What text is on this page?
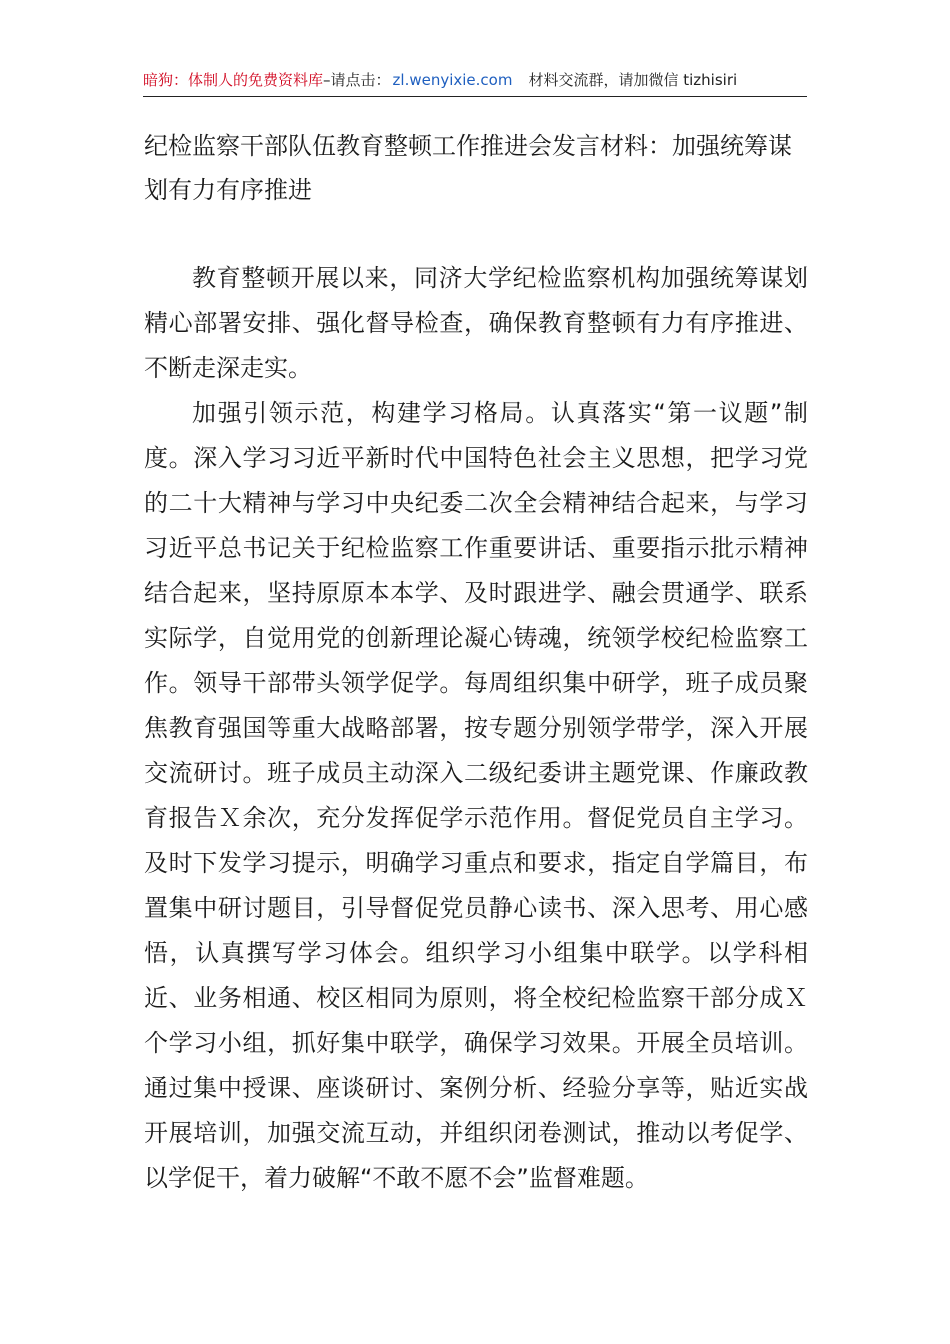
暗狗：体制人的免费资料库–请点击： zl.wenyixie.com 材料交流群，请加微信 tizhisiri
纪检监察干部队伍教育整顿工作推进会发言材料：加强统筹谋划有力有序推进

教育整顿开展以来，同济大学纪检监察机构加强统筹谋划精心部署安排、强化督导检查，确保教育整顿有力有序推进、不断走深走实。

加强引领示范，构建学习格局。认真落实“第一议题”制度。深入学习习近平新时代中国特色社会主义思想，把学习党的二十大精神与学习中央纪委二次全会精神结合起来，与学习习近平总书记关于纪检监察工作重要讲话、重要指示批示精神结合起来，坚持原原本本学、及时跟进学、融会贯通学、联系实际学，自觉用党的创新理论凝心铸魂，统领学校纪检监察工作。领导干部带头领学促学。每周组织集中研学，班子成员聚焦教育强国等重大战略部署，按专题分别领学带学，深入开展交流研讨。班子成员主动深入二级纪委讲主题党课、作廉政教育报告Ｘ余次，充分发挥促学示范作用。督促党员自主学习。及时下发学习提示，明确学习重点和要求，指定自学篇目，布置集中研讨题目，引导督促党员静心读书、深入思考、用心感悟，认真撰写学习体会。组织学习小组集中联学。以学科相近、业务相通、校区相同为原则，将全校纪检监察干部分成Ｘ个学习小组，抓好集中联学，确保学习效果。开展全员培训。通过集中授课、座谈研讨、案例分析、经验分享等，贴近实战开展培训，加强交流互动，并组织闭卷测试，推动以考促学、以学促干，着力破解“不敢不愿不会”监督难题。
